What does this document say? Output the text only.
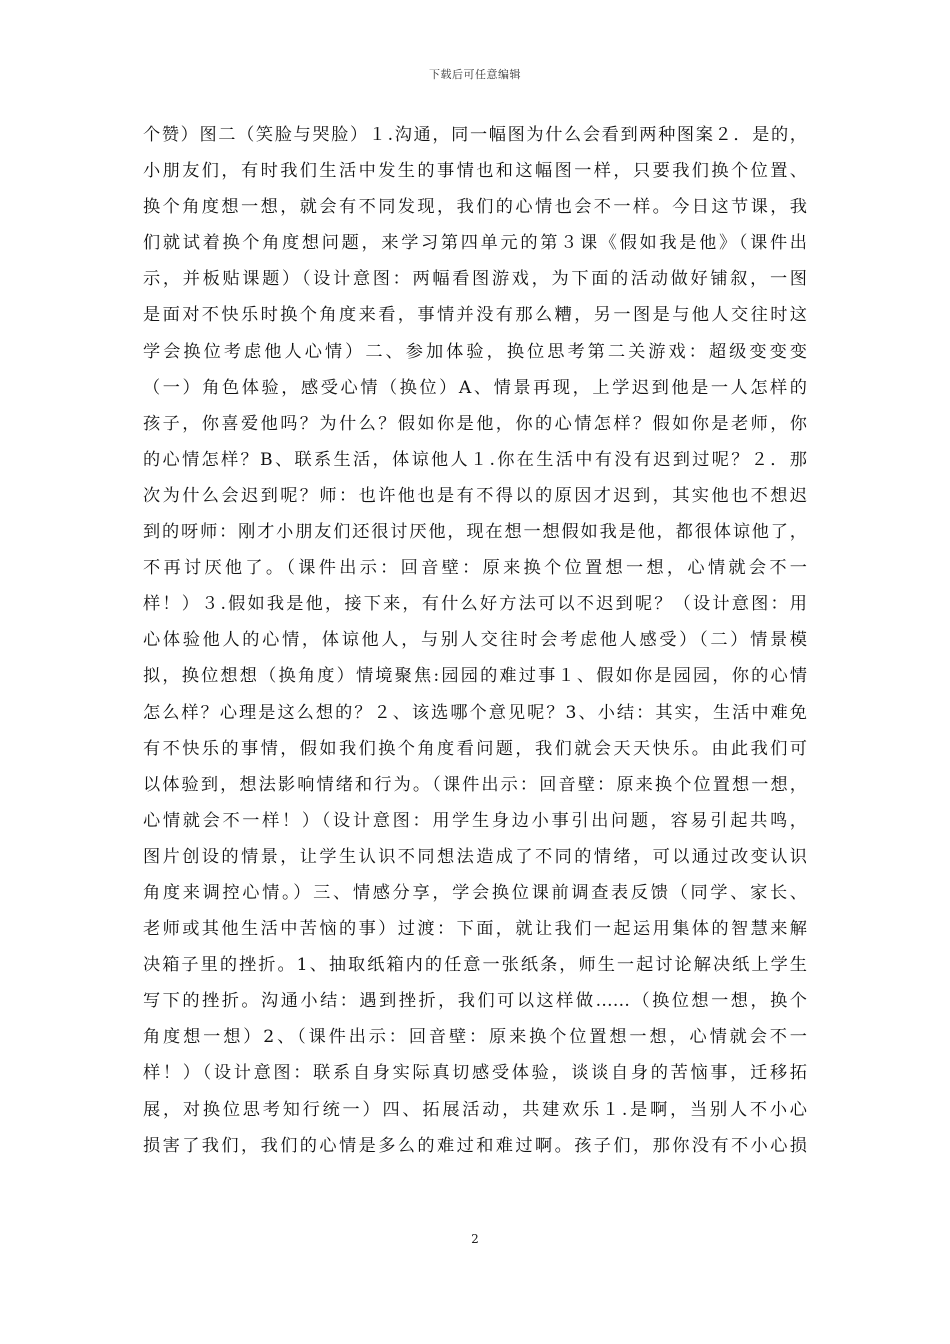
下载后可任意编辑
个赞）图二（笑脸与哭脸）１.沟通，同一幅图为什么会看到两种图案２．是的，
小朋友们，有时我们生活中发生的事情也和这幅图一样，只要我们换个位置、
换个角度想一想，就会有不同发现，我们的心情也会不一样。今日这节课，我
们就试着换个角度想问题，来学习第四单元的第３课《假如我是他》（课件出
示，并板贴课题）（设计意图：两幅看图游戏，为下面的活动做好铺叙，一图
是面对不快乐时换个角度来看，事情并没有那么糟，另一图是与他人交往时这
学会换位考虑他人心情）二、参加体验，换位思考第二关游戏：超级变变变
（一）角色体验，感受心情（换位）A、情景再现，上学迟到他是一人怎样的
孩子，你喜爱他吗？为什么？假如你是他，你的心情怎样？假如你是老师，你
的心情怎样？B、联系生活，体谅他人１.你在生活中有没有迟到过呢？２．那
次为什么会迟到呢？师：也许他也是有不得以的原因才迟到，其实他也不想迟
到的呀师：刚才小朋友们还很讨厌他，现在想一想假如我是他，都很体谅他了，
不再讨厌他了。（课件出示：回音壁：原来换个位置想一想，心情就会不一
样！）３.假如我是他，接下来，有什么好方法可以不迟到呢？（设计意图：用
心体验他人的心情，体谅他人，与别人交往时会考虑他人感受）（二）情景模
拟，换位想想（换角度）情境聚焦:园园的难过事１、假如你是园园，你的心情
怎么样？心理是这么想的？２、该选哪个意见呢？3、小结：其实，生活中难免
有不快乐的事情，假如我们换个角度看问题，我们就会天天快乐。由此我们可
以体验到，想法影响情绪和行为。（课件出示：回音壁：原来换个位置想一想，
心情就会不一样！）（设计意图：用学生身边小事引出问题，容易引起共鸣，
图片创设的情景，让学生认识不同想法造成了不同的情绪，可以通过改变认识
角度来调控心情。）三、情感分享，学会换位课前调查表反馈（同学、家长、
老师或其他生活中苦恼的事）过渡：下面，就让我们一起运用集体的智慧来解
决箱子里的挫折。1、抽取纸箱内的任意一张纸条，师生一起讨论解决纸上学生
写下的挫折。沟通小结：遇到挫折，我们可以这样做……（换位想一想，换个
角度想一想）2、（课件出示：回音壁：原来换个位置想一想，心情就会不一
样！）（设计意图：联系自身实际真切感受体验，谈谈自身的苦恼事，迁移拓
展，对换位思考知行统一）四、拓展活动，共建欢乐１.是啊，当别人不小心
损害了我们，我们的心情是多么的难过和难过啊。孩子们，那你没有不小心损
2
